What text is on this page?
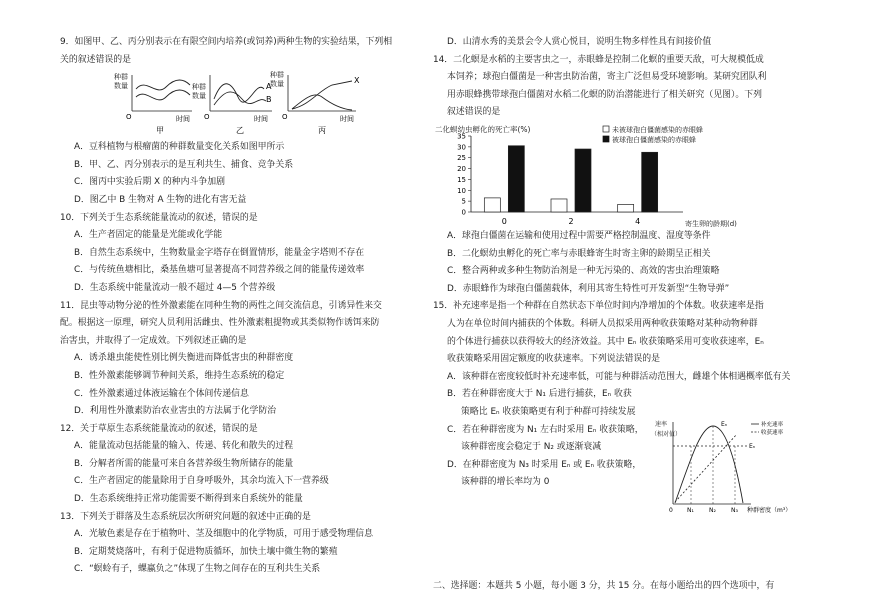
9．如图甲、乙、丙分别表示在有限空间内培养(或饲养)两种生物的实验结果，下列相
关的叙述错误的是
种群
数量
O	时间
甲
种群
数量
A
B
O	时间
乙
种群
数量	X
O	时间
丙
A．豆科植物与根瘤菌的种群数量变化关系如图甲所示
B．甲、乙、丙分别表示的是互利共生、捕食、竞争关系
C．图丙中实验后期 X 的种内斗争加剧
D．图乙中 B 生物对 A 生物的进化有害无益
10．下列关于生态系统能量流动的叙述，错误的是
A．生产者固定的能量是光能或化学能
B．自然生态系统中，生物数量金字塔存在倒置情形，能量金字塔则不存在
C．与传统鱼塘相比，桑基鱼塘可显著提高不同营养级之间的能量传递效率
D．生态系统中能量流动一般不超过 4—5 个营养级
11．昆虫等动物分泌的性外激素能在同种生物的两性之间交流信息，引诱异性来交
配。根据这一原理，研究人员利用活雌虫、性外激素粗提物或其类似物作诱饵来防
治害虫，并取得了一定成效。下列叙述正确的是
A．诱杀雄虫能使性别比例失衡进而降低害虫的种群密度
B．性外激素能够调节种间关系，维持生态系统的稳定
C．性外激素通过体液运输在个体间传递信息
D．利用性外激素防治农业害虫的方法属于化学防治
12．关于草原生态系统能量流动的叙述，错误的是
A．能量流动包括能量的输入、传递、转化和散失的过程
B．分解者所需的能量可来自各营养级生物所储存的能量
C．生产者固定的能量除用于自身呼吸外，其余均流入下一营养级
D．生态系统维持正常功能需要不断得到来自系统外的能量
13．下列关于群落及生态系统层次所研究问题的叙述中正确的是
A．光敏色素是存在于植物叶、茎及细胞中的化学物质，可用于感受物理信息
B．定期焚烧落叶，有利于促进物质循环，加快土壤中微生物的繁殖
C．“螟蛉有子，蜾蠃负之”体现了生物之间存在的互利共生关系
D．山清水秀的美景会令人赏心悦目，说明生物多样性具有间接价值
14．二化螟是水稻的主要害虫之一，赤眼蜂是控制二化螟的重要天敌，可大规模低成
本饲养；球孢白僵菌是一种害虫防治菌，寄主广泛但易受环境影响。某研究团队利
用赤眼蜂携带球孢白僵菌对水稻二化螟的防治潜能进行了相关研究（见图）。下列
叙述错误的是
二化螟幼虫孵化的死亡率(%)
0
5
10
15
20
25
30
35
0	2	4	寄生卵的龄期(d)
未被球孢白僵菌感染的赤眼蜂
被球孢白僵菌感染的赤眼蜂
A．球孢白僵菌在运输和使用过程中需要严格控制温度、湿度等条件
B．二化螟幼虫孵化的死亡率与赤眼蜂寄生时寄主卵的龄期呈正相关
C．整合两种或多种生物防治剂是一种无污染的、高效的害虫治理策略
D．赤眼蜂作为球孢白僵菌载体，利用其寄生特性可开发新型“生物导弹”
15．补充速率是指一个种群在自然状态下单位时间内净增加的个体数。收获速率是指
人为在单位时间内捕获的个体数。科研人员拟采用两种收获策略对某种动物种群
的个体进行捕获以获得较大的经济效益。其中 Eₙ 收获策略采用可变收获速率，Eₙ
收获策略采用固定额度的收获速率。下列说法错误的是
A．该种群在密度较低时补充速率低，可能与种群活动范围大，雌雄个体相遇概率低有关
B．若在种群密度大于 N₁ 后进行捕获，Eₙ 收获
策略比 Eₙ 收获策略更有利于种群可持续发展
C．若在种群密度为 N₁ 左右时采用 Eₙ 收获策略，
该种群密度会稳定于 N₂ 或逐渐衰减
D．在种群密度为 N₃ 时采用 Eₙ 或 Eₙ 收获策略，
该种群的增长率均为 0
速率
（相对值）
Eₙ
Eₙ
0 N₁	N₂	N₃ 种群密度（m³）
补充速率
收获速率
二、选择题：本题共 5 小题，每小题 3 分，共 15 分。在每小题给出的四个选项中，有
